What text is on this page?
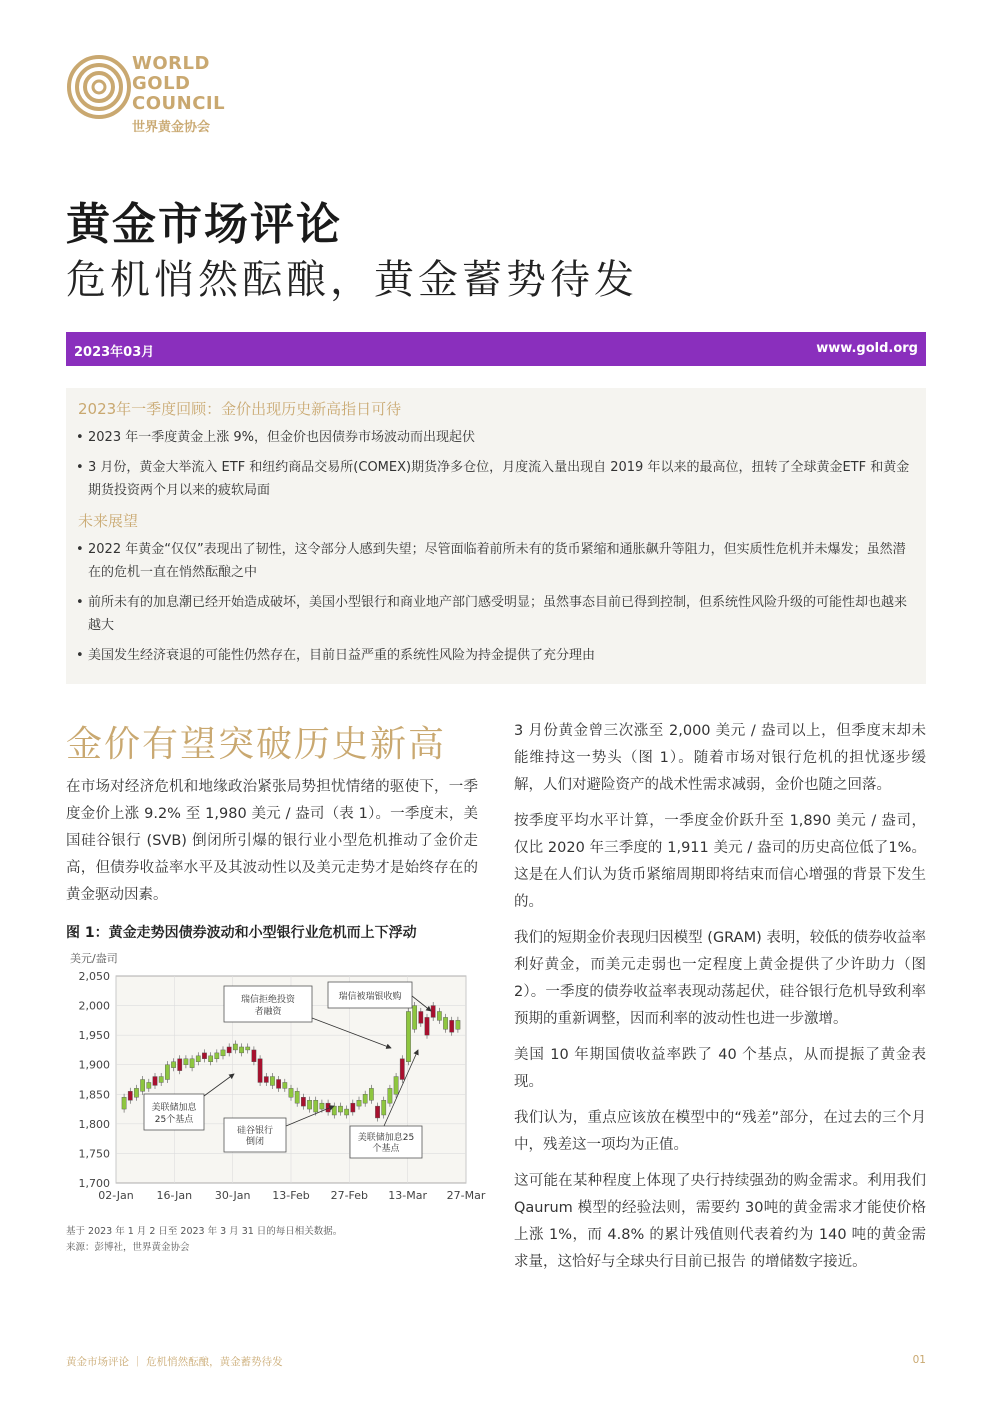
WORLD
GOLD
COUNCIL
世界黄金协会
黄金市场评论
危机悄然酝酿，黄金蓄势待发
2023年03月	www.gold.org
2023年一季度回顾：金价出现历史新高指日可待
• 2023 年一季度黄金上涨 9%，但金价也因债券市场波动而出现起伏
• 3 月份，黄金大举流入 ETF 和纽约商品交易所(COMEX)期货净多仓位，月度流入量出现自 2019 年以来的最高位，扭转了全球黄金ETF 和黄金期货投资两个月以来的疲软局面
未来展望
• 2022 年黄金“仅仅”表现出了韧性，这令部分人感到失望；尽管面临着前所未有的货币紧缩和通胀飙升等阻力，但实质性危机并未爆发；虽然潜在的危机一直在悄然酝酿之中
• 前所未有的加息潮已经开始造成破坏，美国小型银行和商业地产部门感受明显；虽然事态目前已得到控制，但系统性风险升级的可能性却也越来越大
• 美国发生经济衰退的可能性仍然存在，目前日益严重的系统性风险为持金提供了充分理由
金价有望突破历史新高
在市场对经济危机和地缘政治紧张局势担忧情绪的驱使下，一季度金价上涨 9.2% 至 1,980 美元 / 盎司（表 1）。一季度末，美国硅谷银行 (SVB) 倒闭所引爆的银行业小型危机推动了金价走高，但债券收益率水平及其波动性以及美元走势才是始终存在的黄金驱动因素。
图 1：黄金走势因债券波动和小型银行业危机而上下浮动
美元/盎司
2,050
2,000
1,950
1,900
1,850
1,800
1,750
1,700
02-Jan 16-Jan 30-Jan 13-Feb 27-Feb 13-Mar 27-Mar
瑞信拒绝投资
者融资
瑞信被瑞银收购
美联储加息
25个基点
硅谷银行
倒闭	美联储加息25
个基点
基于 2023 年 1 月 2 日至 2023 年 3 月 31 日的每日相关数据。
来源：彭博社，世界黄金协会

3 月份黄金曾三次涨至 2,000 美元 / 盎司以上，但季度末却未能维持这一势头（图 1）。随着市场对银行危机的担忧逐步缓解，人们对避险资产的战术性需求减弱，金价也随之回落。

按季度平均水平计算，一季度金价跃升至 1,890 美元 / 盎司，仅比 2020 年三季度的 1,911 美元 / 盎司的历史高位低了1%。这是在人们认为货币紧缩周期即将结束而信心增强的背景下发生的。

我们的短期金价表现归因模型 (GRAM) 表明，较低的债券收益率利好黄金，而美元走弱也一定程度上黄金提供了少许助力（图 2）。一季度的债券收益率表现动荡起伏，硅谷银行危机导致利率预期的重新调整，因而利率的波动性也进一步激增。

美国 10 年期国债收益率跌了 40 个基点，从而提振了黄金表现。

我们认为，重点应该放在模型中的“残差”部分，在过去的三个月中，残差这一项均为正值。

这可能在某种程度上体现了央行持续强劲的购金需求。利用我们 Qaurum 模型的经验法则，需要约 30吨的黄金需求才能使价格上涨 1%，而 4.8% 的累计残值则代表着约为 140 吨的黄金需求量，这恰好与全球央行目前已报告 的增储数字接近。

黄金市场评论 ｜ 危机悄然酝酿，黄金蓄势待发	01
